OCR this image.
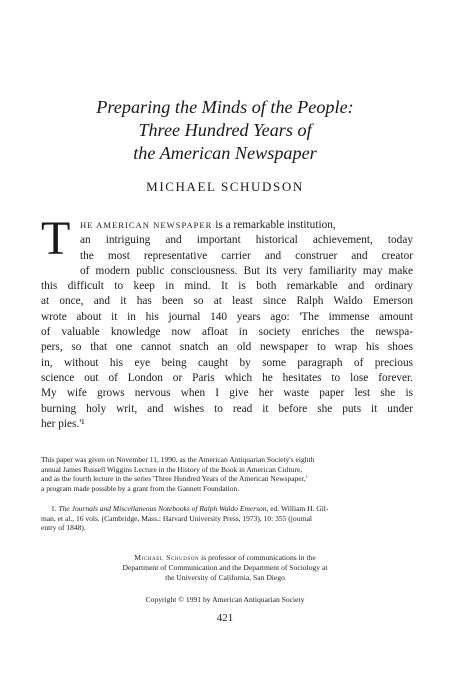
Preparing the Minds of the People:
Three Hundred Years of
the American Newspaper
MICHAEL SCHUDSON
T	HE AMERICAN NEWSPAPER is a remarkable institution,
an intriguing and important historical achievement, today
the most representative carrier and construer and creator
of modern public consciousness. But its very familiarity may make
this difficult to keep in mind. It is both remarkable and ordinary
at once, and it has been so at least since Ralph Waldo Emerson
wrote about it in his journal 140 years ago: 'The immense amount
of valuable knowledge now afloat in society enriches the newspa-
pers, so that one cannot snatch an old newspaper to wrap his shoes
in, without his eye being caught by some paragraph of precious
science out of London or Paris which he hesitates to lose forever.
My wife grows nervous when I give her waste paper lest she is
burning holy writ, and wishes to read it before she puts it under
her pies.'¹
This paper was given on November 11, 1990, as the American Antiquarian Society's eighth
annual James Russell Wiggins Lecture in the History of the Book in American Culture,
and as the fourth lecture in the series 'Three Hundred Years of the American Newspaper,'
a program made possible by a grant from the Gannett Foundation.
1. The Journals and Miscellaneous Notebooks of Ralph Waldo Emerson, ed. William H. Gil-
man, et al., 16 vols. (Cambridge, Mass.: Harvard University Press, 1973), 10: 355 (journal
entry of 1848).
Michael Schudson is professor of communications in the
Department of Communication and the Department of Sociology at
the University of California, San Diego
Copyright © 1991 by American Antiquarian Society
421
